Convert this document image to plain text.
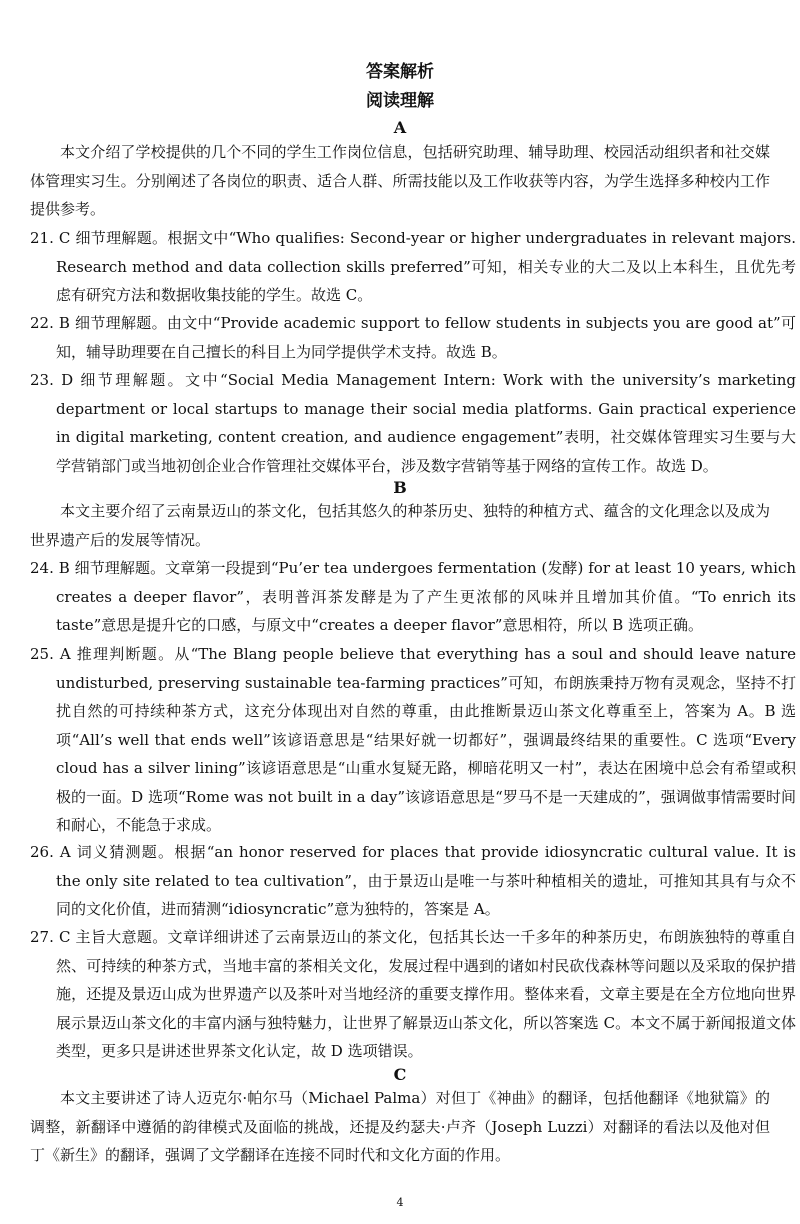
答案解析
阅读理解
A
本文介绍了学校提供的几个不同的学生工作岗位信息，包括研究助理、辅导助理、校园活动组织者和社交媒体管理实习生。分别阐述了各岗位的职责、适合人群、所需技能以及工作收获等内容，为学生选择多种校内工作提供参考。
21. C 细节理解题。根据文中“Who qualifies: Second-year or higher undergraduates in relevant majors. Research method and data collection skills preferred”可知，相关专业的大二及以上本科生，且优先考虑有研究方法和数据收集技能的学生。故选 C。
22. B 细节理解题。由文中“Provide academic support to fellow students in subjects you are good at”可知，辅导助理要在自己擅长的科目上为同学提供学术支持。故选 B。
23. D 细节理解题。文中“Social Media Management Intern: Work with the university’s marketing department or local startups to manage their social media platforms. Gain practical experience in digital marketing, content creation, and audience engagement”表明，社交媒体管理实习生要与大学营销部门或当地初创企业合作管理社交媒体平台，涉及数字营销等基于网络的宣传工作。故选 D。
B
本文主要介绍了云南景迈山的茶文化，包括其悠久的种茶历史、独特的种植方式、蕴含的文化理念以及成为世界遗产后的发展等情况。
24. B 细节理解题。文章第一段提到“Pu’er tea undergoes fermentation (发酵) for at least 10 years, which creates a deeper flavor”，表明普洱茶发酵是为了产生更浓郁的风味并且增加其价值。“To enrich its taste”意思是提升它的口感，与原文中“creates a deeper flavor”意思相符，所以 B 选项正确。
25. A 推理判断题。从“The Blang people believe that everything has a soul and should leave nature undisturbed, preserving sustainable tea-farming practices”可知，布朗族秉持万物有灵观念，坚持不打扰自然的可持续种茶方式，这充分体现出对自然的尊重，由此推断景迈山茶文化尊重至上，答案为 A。B 选项“All’s well that ends well”该谚语意思是“结果好就一切都好”，强调最终结果的重要性。C 选项“Every cloud has a silver lining”该谚语意思是“山重水复疑无路，柳暗花明又一村”，表达在困境中总会有希望或积极的一面。D 选项“Rome was not built in a day”该谚语意思是“罗马不是一天建成的”，强调做事情需要时间和耐心，不能急于求成。
26. A 词义猜测题。根据“an honor reserved for places that provide idiosyncratic cultural value. It is the only site related to tea cultivation”，由于景迈山是唯一与茶叶种植相关的遗址，可推知其具有与众不同的文化价值，进而猜测“idiosyncratic”意为独特的，答案是 A。
27. C 主旨大意题。文章详细讲述了云南景迈山的茶文化，包括其长达一千多年的种茶历史，布朗族独特的尊重自然、可持续的种茶方式，当地丰富的茶相关文化，发展过程中遇到的诸如村民砍伐森林等问题以及采取的保护措施，还提及景迈山成为世界遗产以及茶叶对当地经济的重要支撑作用。整体来看，文章主要是在全方位地向世界展示景迈山茶文化的丰富内涵与独特魅力，让世界了解景迈山茶文化，所以答案选 C。本文不属于新闻报道文体类型，更多只是讲述世界茶文化认定，故 D 选项错误。
C
本文主要讲述了诗人迈克尔·帕尔马（Michael Palma）对但丁《神曲》的翻译，包括他翻译《地狱篇》的调整，新翻译中遵循的韵律模式及面临的挑战，还提及约瑟夫·卢齐（Joseph Luzzi）对翻译的看法以及他对但丁《新生》的翻译，强调了文学翻译在连接不同时代和文化方面的作用。
4
